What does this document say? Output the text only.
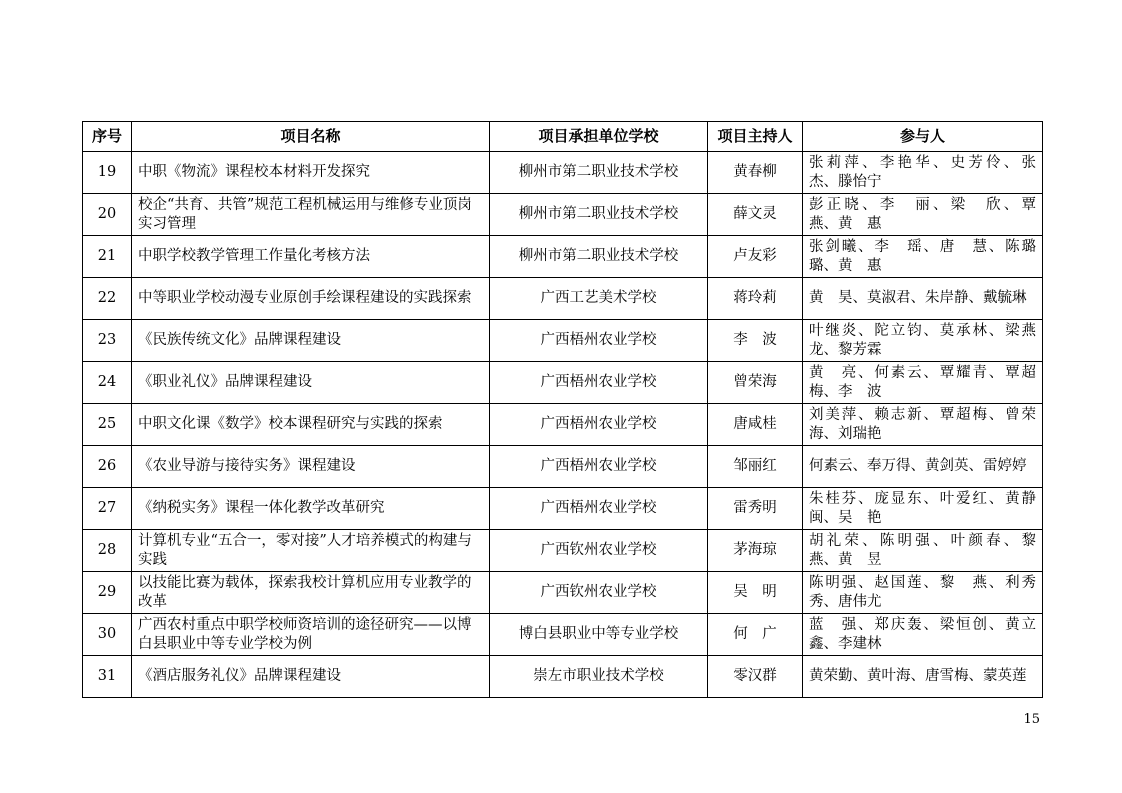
序号	项目名称	项目承担单位学校	项目主持人	参与人
19	中职《物流》课程校本材料开发探究	柳州市第二职业技术学校	黄春柳	张莉萍、李艳华、史芳伶、张　杰、滕怡宁
20	校企“共育、共管”规范工程机械运用与维修专业顶岗实习管理	柳州市第二职业技术学校	薛文灵	彭正晓、李　丽、梁　欣、覃　燕、黄　惠
21	中职学校教学管理工作量化考核方法	柳州市第二职业技术学校	卢友彩	张剑曦、李　瑶、唐　慧、陈璐璐、黄　惠
22	中等职业学校动漫专业原创手绘课程建设的实践探索	广西工艺美术学校	蒋玲莉	黄　昊、莫淑君、朱岸静、戴毓琳
23	《民族传统文化》品牌课程建设	广西梧州农业学校	李　波	叶继炎、陀立钧、莫承林、梁燕龙、黎芳霖
24	《职业礼仪》品牌课程建设	广西梧州农业学校	曾荣海	黄　亮、何素云、覃耀青、覃超梅、李　波
25	中职文化课《数学》校本课程研究与实践的探索	广西梧州农业学校	唐咸桂	刘美萍、赖志新、覃超梅、曾荣海、刘瑞艳
26	《农业导游与接待实务》课程建设	广西梧州农业学校	邹丽红	何素云、奉万得、黄剑英、雷婷婷
27	《纳税实务》课程一体化教学改革研究	广西梧州农业学校	雷秀明	朱桂芬、庞显东、叶爱红、黄静闽、吴　艳
28	计算机专业“五合一，零对接”人才培养模式的构建与实践	广西钦州农业学校	茅海琼	胡礼荣、陈明强、叶颜春、黎　燕、黄　昱
29	以技能比赛为载体，探索我校计算机应用专业教学的改革	广西钦州农业学校	吴　明	陈明强、赵国莲、黎　燕、利秀秀、唐伟尤
30	广西农村重点中职学校师资培训的途径研究——以博白县职业中等专业学校为例	博白县职业中等专业学校	何　广	蓝　强、郑庆轰、梁恒创、黄立鑫、李建林
31	《酒店服务礼仪》品牌课程建设	崇左市职业技术学校	零汉群	黄荣勤、黄叶海、唐雪梅、蒙英莲
15
